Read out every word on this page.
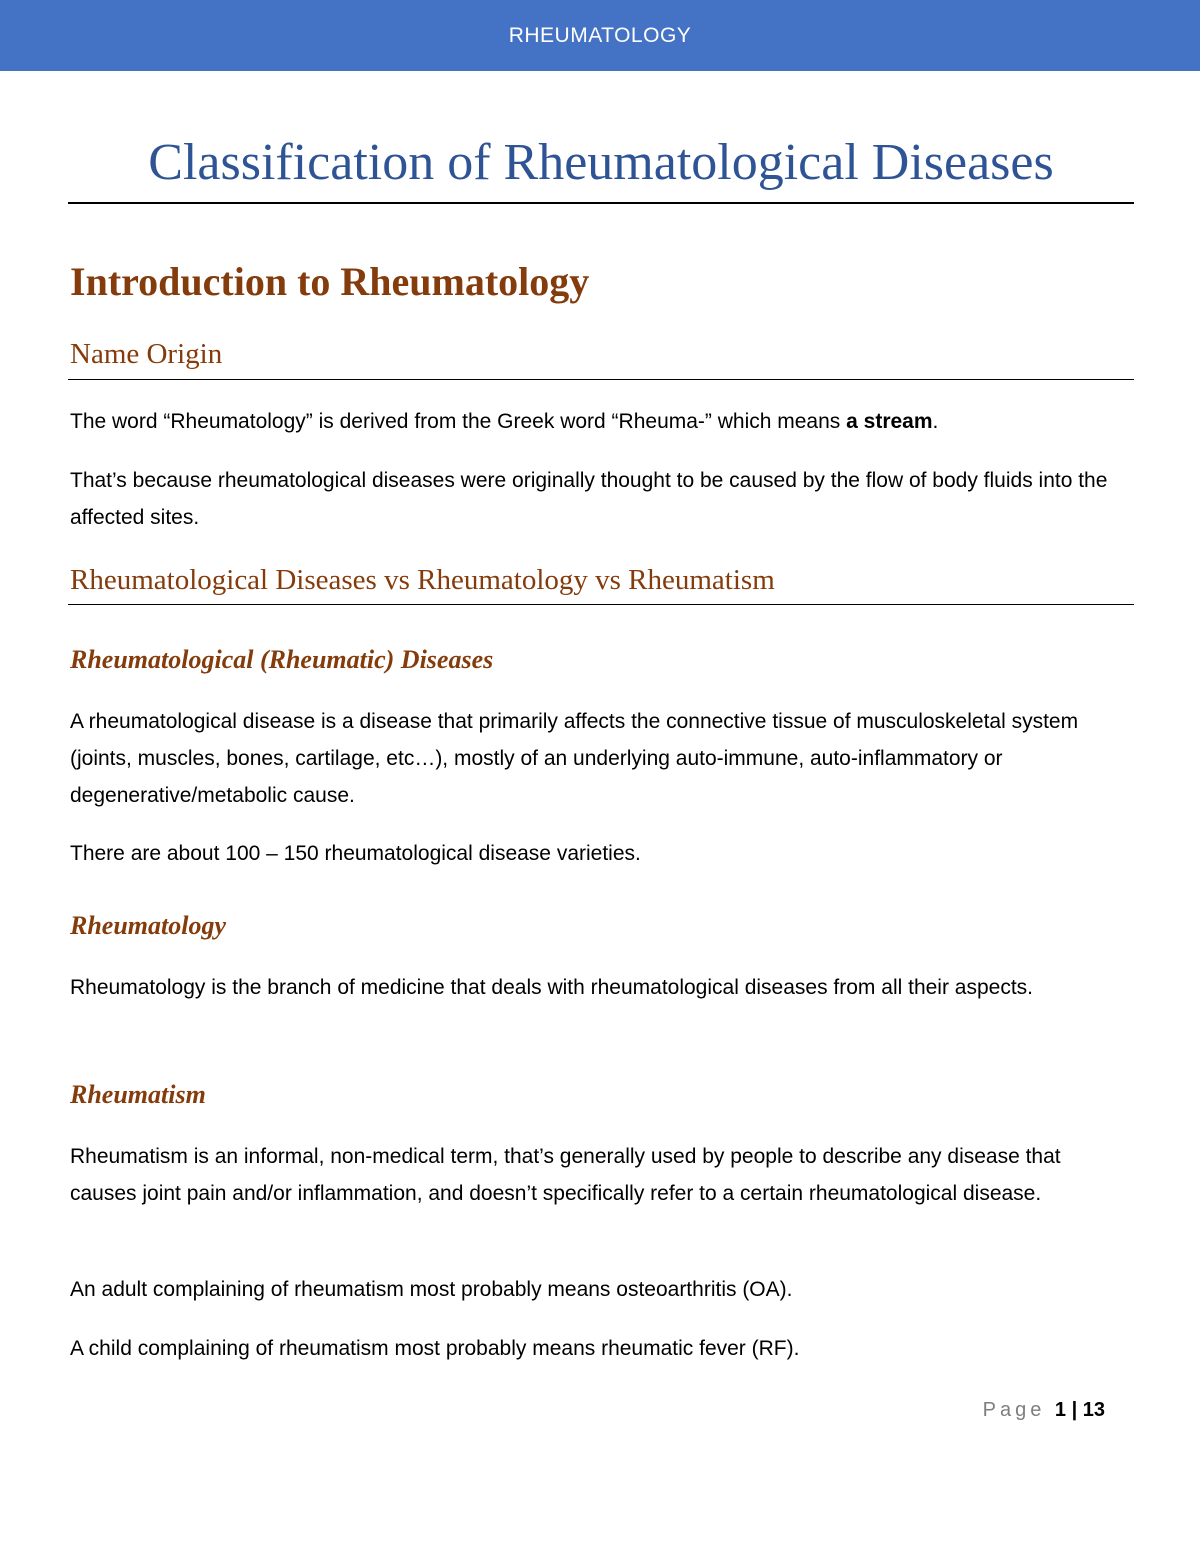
RHEUMATOLOGY
Classification of Rheumatological Diseases
Introduction to Rheumatology
Name Origin

The word “Rheumatology” is derived from the Greek word “Rheuma-” which means a stream.

That’s because rheumatological diseases were originally thought to be caused by the flow of body fluids into the affected sites.

Rheumatological Diseases vs Rheumatology vs Rheumatism
Rheumatological (Rheumatic) Diseases

A rheumatological disease is a disease that primarily affects the connective tissue of musculoskeletal system (joints, muscles, bones, cartilage, etc…), mostly of an underlying auto-immune, auto-inflammatory or degenerative/metabolic cause.

There are about 100 – 150 rheumatological disease varieties.

Rheumatology

Rheumatology is the branch of medicine that deals with rheumatological diseases from all their aspects.

Rheumatism

Rheumatism is an informal, non-medical term, that’s generally used by people to describe any disease that causes joint pain and/or inflammation, and doesn’t specifically refer to a certain rheumatological disease.

An adult complaining of rheumatism most probably means osteoarthritis (OA).

A child complaining of rheumatism most probably means rheumatic fever (RF).

Page 1 | 13
